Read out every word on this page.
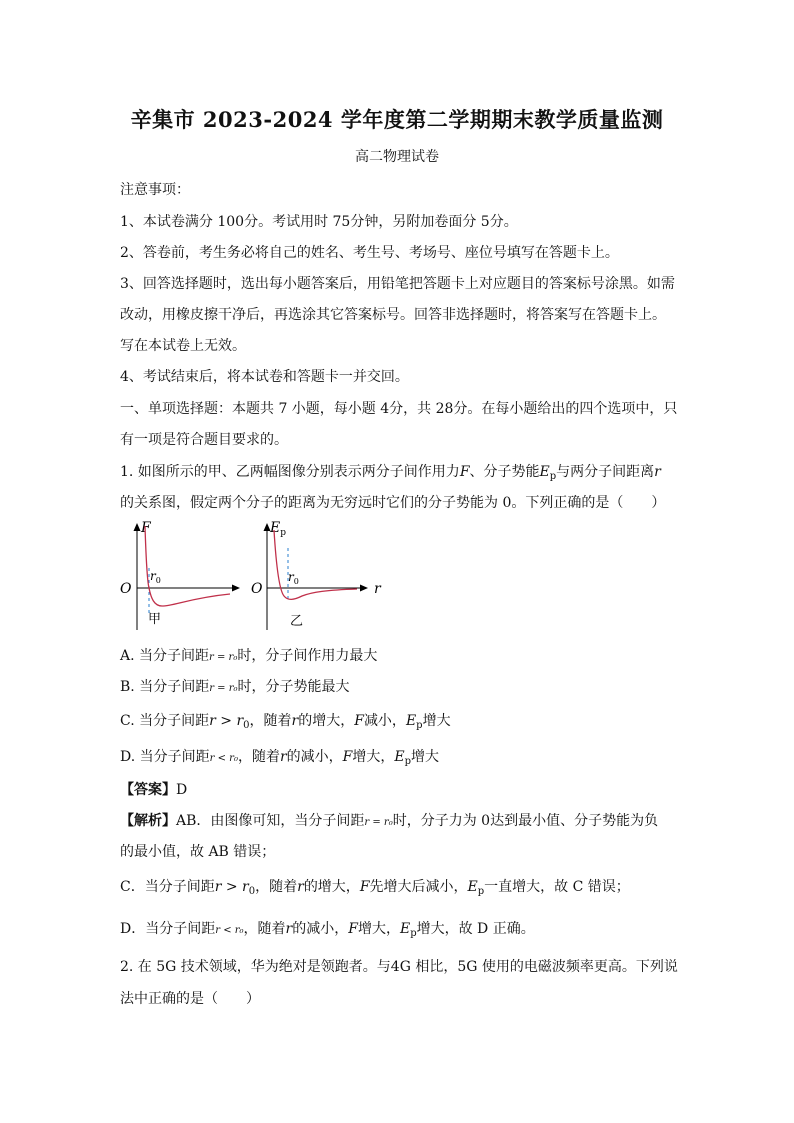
辛集市 2023-2024 学年度第二学期期末教学质量监测
高二物理试卷
注意事项：
1、本试卷满分 100分。考试用时 75分钟，另附加卷面分 5分。
2、答卷前，考生务必将自己的姓名、考生号、考场号、座位号填写在答题卡上。
3、回答选择题时，选出每小题答案后，用铅笔把答题卡上对应题目的答案标号涂黑。如需
改动，用橡皮擦干净后，再选涂其它答案标号。回答非选择题时，将答案写在答题卡上。
写在本试卷上无效。
4、考试结束后，将本试卷和答题卡一并交回。
一、单项选择题：本题共 7 小题，每小题 4分，共 28分。在每小题给出的四个选项中，只
有一项是符合题目要求的。
1. 如图所示的甲、乙两幅图像分别表示两分子间作用力F、分子势能$E_p$与两分子间距离r
的关系图，假定两个分子的距离为无穷远时它们的分子势能为 0。下列正确的是（　　）
F
O
$r_0$
甲
$E_p$
O
$r_0$	r
乙
A. 当分子间距r = r₀时，分子间作用力最大
B. 当分子间距r = r₀时，分子势能最大
C. 当分子间距$r > r_0$，随着r的增大，F减小，$E_p$增大
D. 当分子间距r < r₀，随着r的减小，F增大，$E_p$增大
【答案】D
【解析】AB．由图像可知，当分子间距r = r₀时，分子力为 0达到最小值、分子势能为负
的最小值，故 AB 错误；
C．当分子间距$r > r_0$，随着r的增大，F先增大后减小，$E_p$一直增大，故 C 错误；
D．当分子间距r < r₀，随着r的减小，F增大，$E_p$增大，故 D 正确。
2. 在 5G 技术领域，华为绝对是领跑者。与4G 相比，5G 使用的电磁波频率更高。下列说
法中正确的是（　　）
